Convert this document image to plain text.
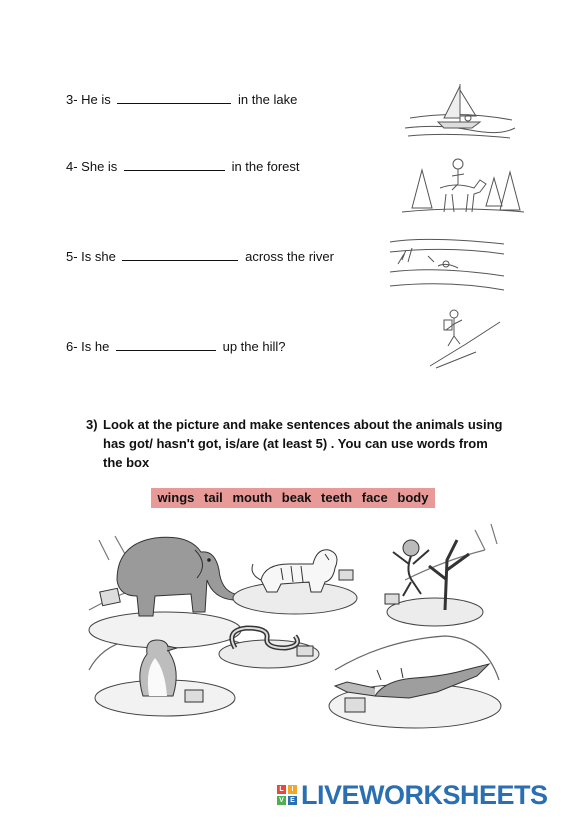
3- He is	in the lake
4- She is	in the forest
5- Is she	across the river
6- Is he	up the hill?
3) Look at the picture and make sentences about the animals using has got/ hasn't got, is/are (at least 5) . You can use words from the box
wings tail mouth beak teeth face body
L	I
V E LIVEWORKSHEETS
